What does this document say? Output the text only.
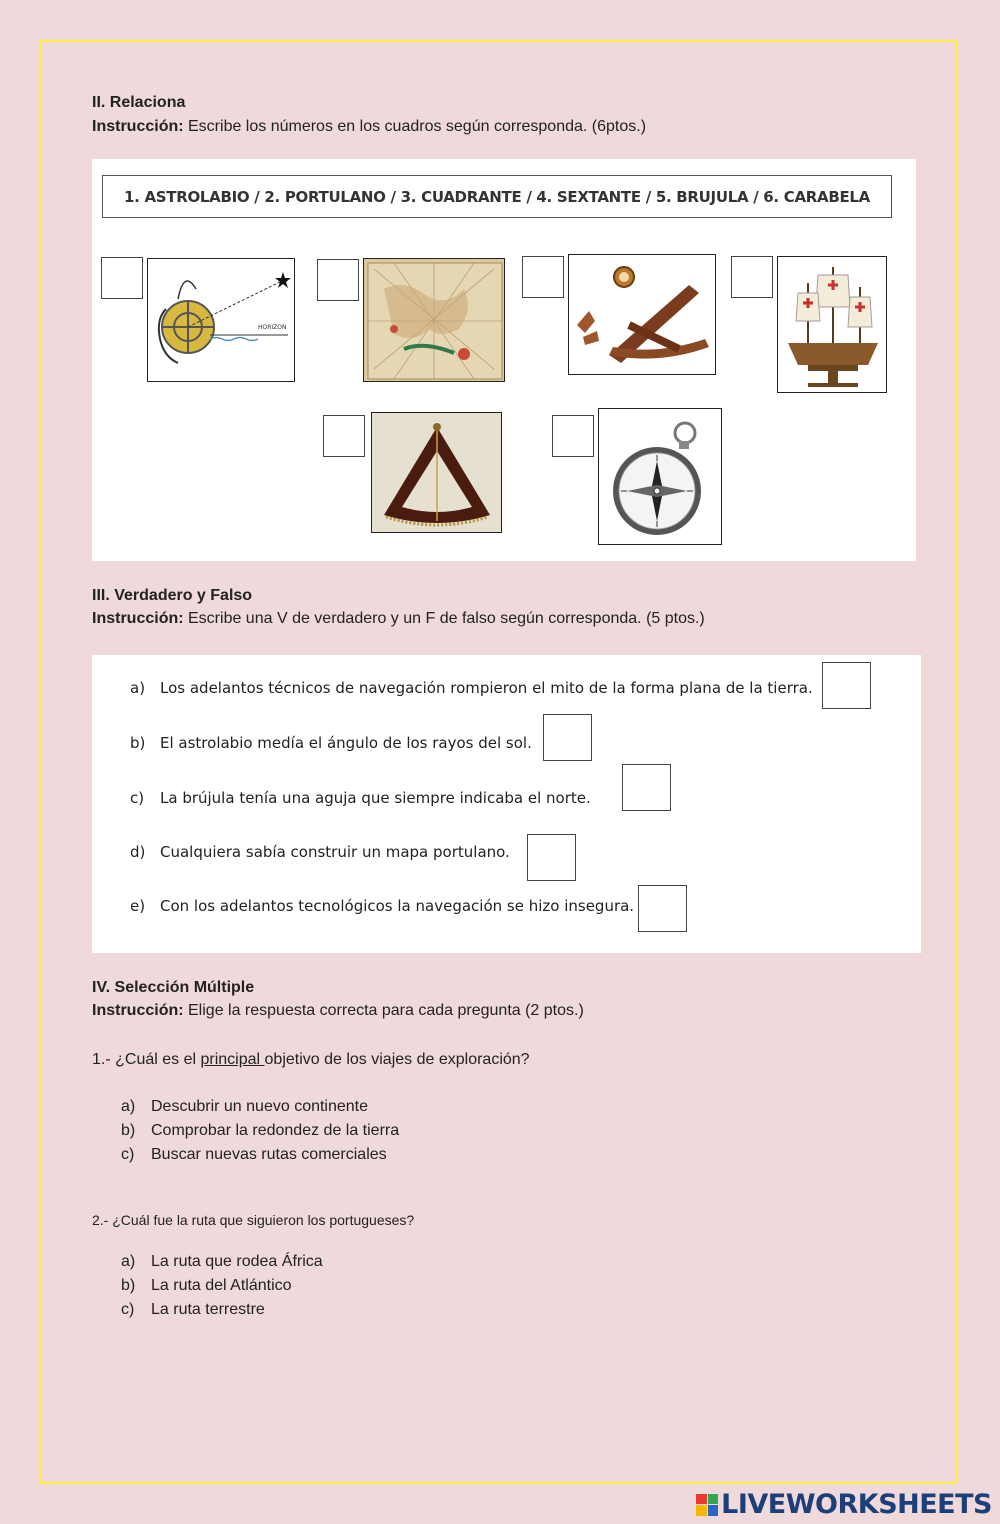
II. Relaciona
Instrucción: Escribe los números en los cuadros según corresponda. (6ptos.)
1. ASTROLABIO / 2. PORTULANO / 3. CUADRANTE / 4. SEXTANTE / 5. BRUJULA / 6. CARABELA
HORIZON
III. Verdadero y Falso
Instrucción: Escribe una V de verdadero y un F de falso según corresponda. (5 ptos.)
a) Los adelantos técnicos de navegación rompieron el mito de la forma plana de la tierra.
b) El astrolabio medía el ángulo de los rayos del sol.
c) La brújula tenía una aguja que siempre indicaba el norte.
d) Cualquiera sabía construir un mapa portulano.
e) Con los adelantos tecnológicos la navegación se hizo insegura.
IV. Selección Múltiple
Instrucción: Elige la respuesta correcta para cada pregunta (2 ptos.)
1.- ¿Cuál es el principal objetivo de los viajes de exploración?
a) Descubrir un nuevo continente
b) Comprobar la redondez de la tierra
c) Buscar nuevas rutas comerciales
2.- ¿Cuál fue la ruta que siguieron los portugueses?
a) La ruta que rodea África
b) La ruta del Atlántico
c) La ruta terrestre
LIVEWORKSHEETS
